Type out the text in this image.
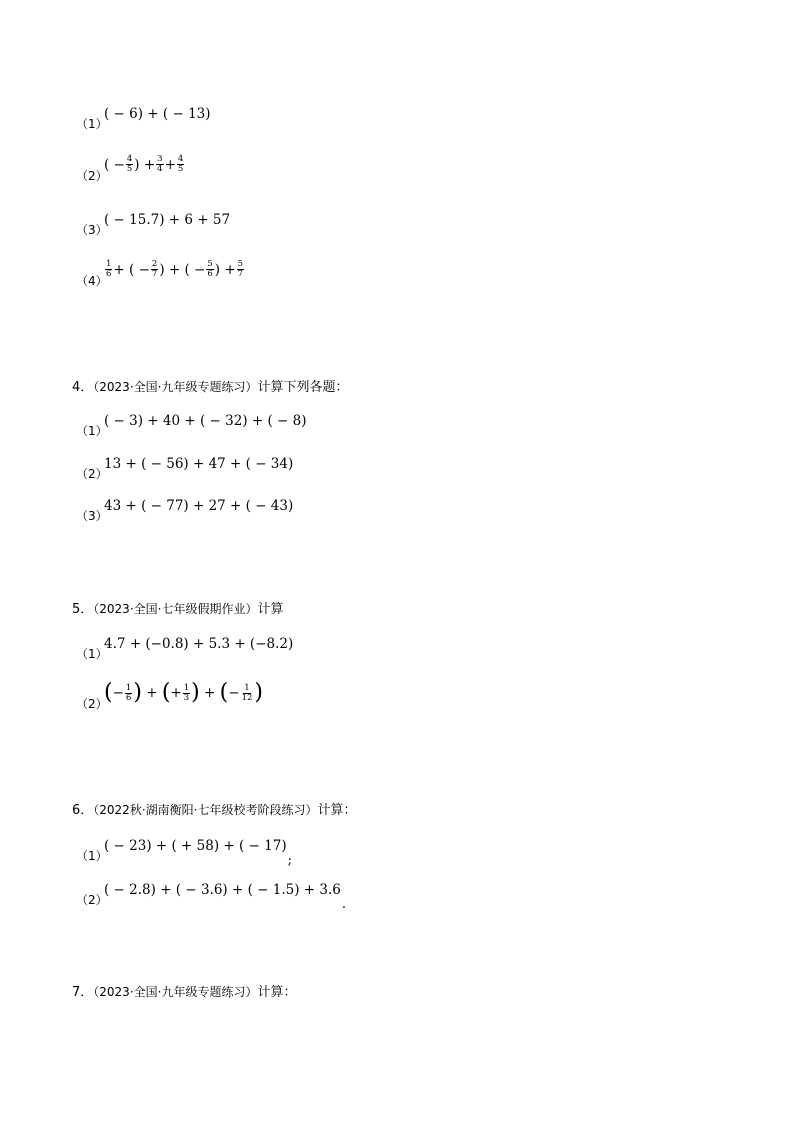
（1）
( − 6) + ( − 13)
（2）
( − $\frac{4}{5}$ ) + $\frac{3}{4} + \frac{4}{5}$
（3）
( − 15.7) + 6 + 57
（4）
$\frac{1}{6}$ + ( − $\frac{2}{7}$ ) + ( − $\frac{5}{6}$ ) + $\frac{5}{7}$
4．（2023·全国·九年级专题练习）计算下列各题：
（1）
( − 3) + 40 + ( − 32) + ( − 8)
（2）
13 + ( − 56) + 47 + ( − 34)
（3）
43 + ( − 77) + 27 + ( − 43)
5．（2023·全国·七年级假期作业）计算
（1）
4.7 + (−0.8) + 5.3 + (−8.2)
（2）
( − $\frac{1}{6}$ )
+
( + $\frac{1}{3}$ )
+
( − $\frac{1}{12}$ )
6．（2022秋·湖南衡阳·七年级校考阶段练习）计算：
（1）
( − 23) + ( + 58) + ( − 17)
;
（2）
( − 2.8) + ( − 3.6) + ( − 1.5) + 3.6
.
7．（2023·全国·九年级专题练习）计算：
